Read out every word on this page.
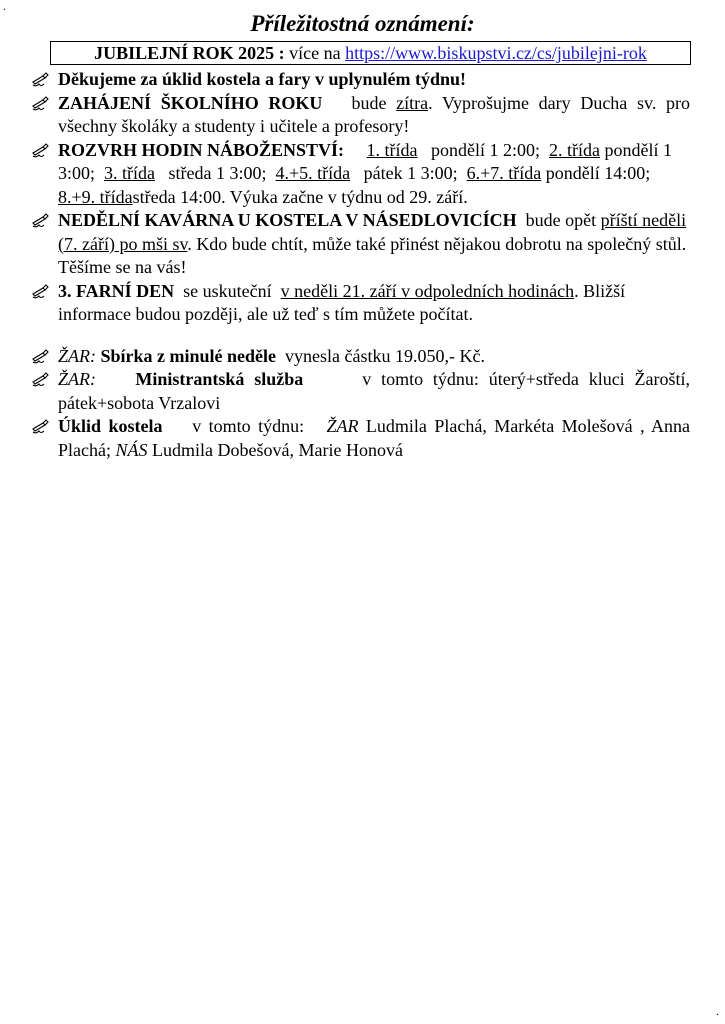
.
.
Příležitostná oznámení:
JUBILEJNÍ ROK 2025 : více na https://www.biskupstvi.cz/cs/jubilejni-rok
Děkujeme za úklid kostela a fary v uplynulém týdnu!
ZAHÁJENÍ ŠKOLNÍHO ROKU bude zítra. Vyprošujme dary Ducha sv. pro všechny školáky a studenty i učitele a profesory!
ROZVRH HODIN NÁBOŽENSTVÍ: 1. třída pondělí 1 2:00; 2. třída pondělí 1 3:00; 3. třída středa 1 3:00; 4.+5. třída pátek 1 3:00; 6.+7. třída pondělí 14:00;  8.+9. třídastředa 14:00. Výuka začne v týdnu od 29. září.
NEDĚLNÍ KAVÁRNA U KOSTELA V NÁSEDLOVICÍCH bude opět příští neděli (7. září) po mši sv. Kdo bude chtít, může také přinést nějakou dobrotu na společný stůl. Těšíme se na vás!
3. FARNÍ DEN se uskuteční v neděli 21. září v odpoledních hodinách. Bližší informace budou později, ale už teď s tím můžete počítat.
ŽAR: Sbírka z minulé neděle vynesla částku 19.050,- Kč.
ŽAR: Ministrantská služba	v tomto týdnu: úterý+středa kluci Žaroští, pátek+sobota Vrzalovi
Úklid kostela v tomto týdnu: ŽAR Ludmila Plachá, Markéta Molešová , Anna Plachá; NÁS Ludmila Dobešová, Marie Honová
